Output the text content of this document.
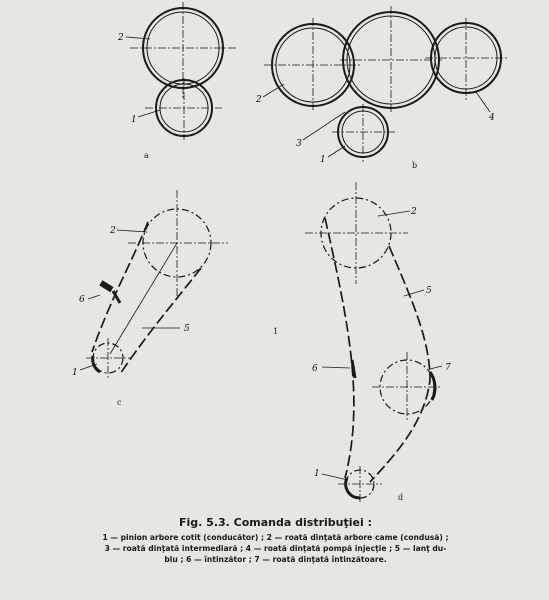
2
1
a
2
3
1
4
b
2
6
5
1
c
2
5
6	7
1
d
1
Fig. 5.3. Comanda distribuţiei :
1 — pinion arbore cotit (conducător) ; 2 — roată dinţată arbore came (condusă) ;
3 — roată dinţată intermediară ; 4 — roată dinţată pompă injecţie ; 5 — lanţ du-
blu ; 6 — întinzător ; 7 — roată dinţată întinzătoare.
